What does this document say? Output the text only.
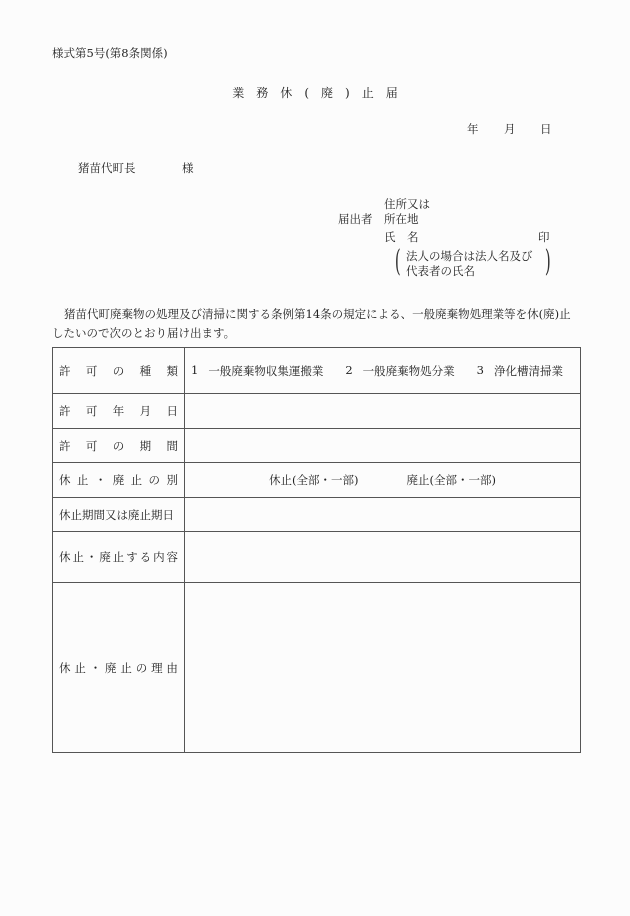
様式第5号(第8条関係)
業 務 休 ( 廃 ) 止 届
年 月 日
猪苗代町長	様
届出者
住所又は
所在地
氏　名	印
( 法人の場合は法人名及び
代表者の氏名	)
猪苗代町廃棄物の処理及び清掃に関する条例第14条の規定による、一般廃棄物処理業等を休(廃)止したいので次のとおり届け出ます。
許 可 の 種 類	1 一般廃棄物収集運搬業 2 一般廃棄物処分業 3 浄化槽清掃業

許 可 年 月 日	

許 可 の 期 間	

休 止 ・ 廃 止 の 別	休止(全部・一部)	廃止(全部・一部)
休止期間又は廃止期日	

休 止 ・ 廃 止 す る 内 容

休 止 ・ 廃 止 の 理 由
